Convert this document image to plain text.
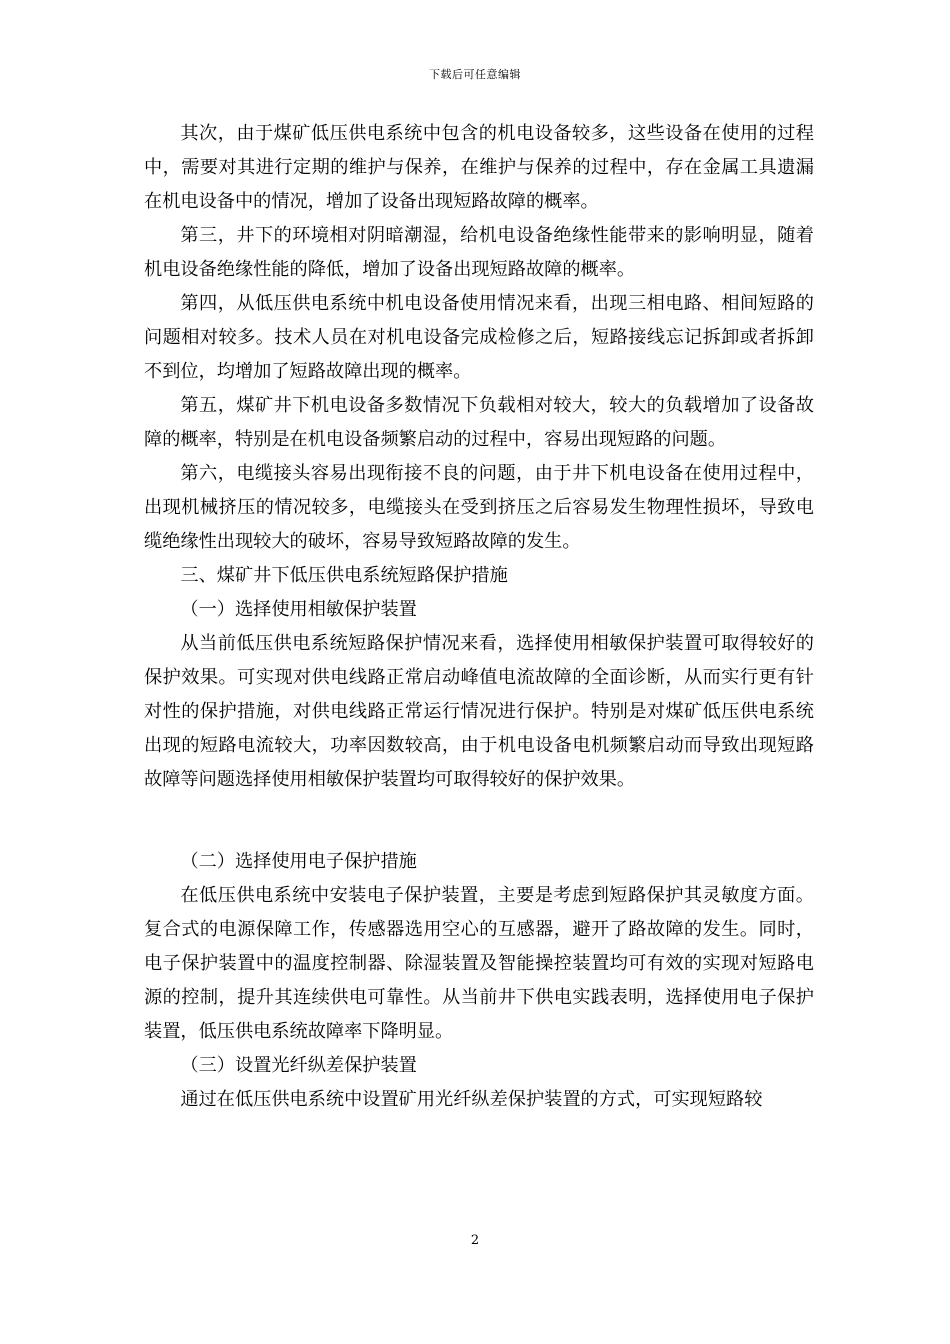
下载后可任意编辑

其次，由于煤矿低压供电系统中包含的机电设备较多，这些设备在使用的过程中，需要对其进行定期的维护与保养，在维护与保养的过程中，存在金属工具遗漏在机电设备中的情况，增加了设备出现短路故障的概率。

第三，井下的环境相对阴暗潮湿，给机电设备绝缘性能带来的影响明显，随着机电设备绝缘性能的降低，增加了设备出现短路故障的概率。

第四，从低压供电系统中机电设备使用情况来看，出现三相电路、相间短路的问题相对较多。技术人员在对机电设备完成检修之后，短路接线忘记拆卸或者拆卸不到位，均增加了短路故障出现的概率。

第五，煤矿井下机电设备多数情况下负载相对较大，较大的负载增加了设备故障的概率，特别是在机电设备频繁启动的过程中，容易出现短路的问题。

第六，电缆接头容易出现衔接不良的问题，由于井下机电设备在使用过程中，出现机械挤压的情况较多，电缆接头在受到挤压之后容易发生物理性损坏，导致电缆绝缘性出现较大的破坏，容易导致短路故障的发生。

三、煤矿井下低压供电系统短路保护措施

（一）选择使用相敏保护装置

从当前低压供电系统短路保护情况来看，选择使用相敏保护装置可取得较好的保护效果。可实现对供电线路正常启动峰值电流故障的全面诊断，从而实行更有针对性的保护措施，对供电线路正常运行情况进行保护。特别是对煤矿低压供电系统出现的短路电流较大，功率因数较高，由于机电设备电机频繁启动而导致出现短路故障等问题选择使用相敏保护装置均可取得较好的保护效果。

（二）选择使用电子保护措施

在低压供电系统中安装电子保护装置，主要是考虑到短路保护其灵敏度方面。复合式的电源保障工作，传感器选用空心的互感器，避开了路故障的发生。同时，电子保护装置中的温度控制器、除湿装置及智能操控装置均可有效的实现对短路电源的控制，提升其连续供电可靠性。从当前井下供电实践表明，选择使用电子保护装置，低压供电系统故障率下降明显。

（三）设置光纤纵差保护装置

通过在低压供电系统中设置矿用光纤纵差保护装置的方式，可实现短路较

2
